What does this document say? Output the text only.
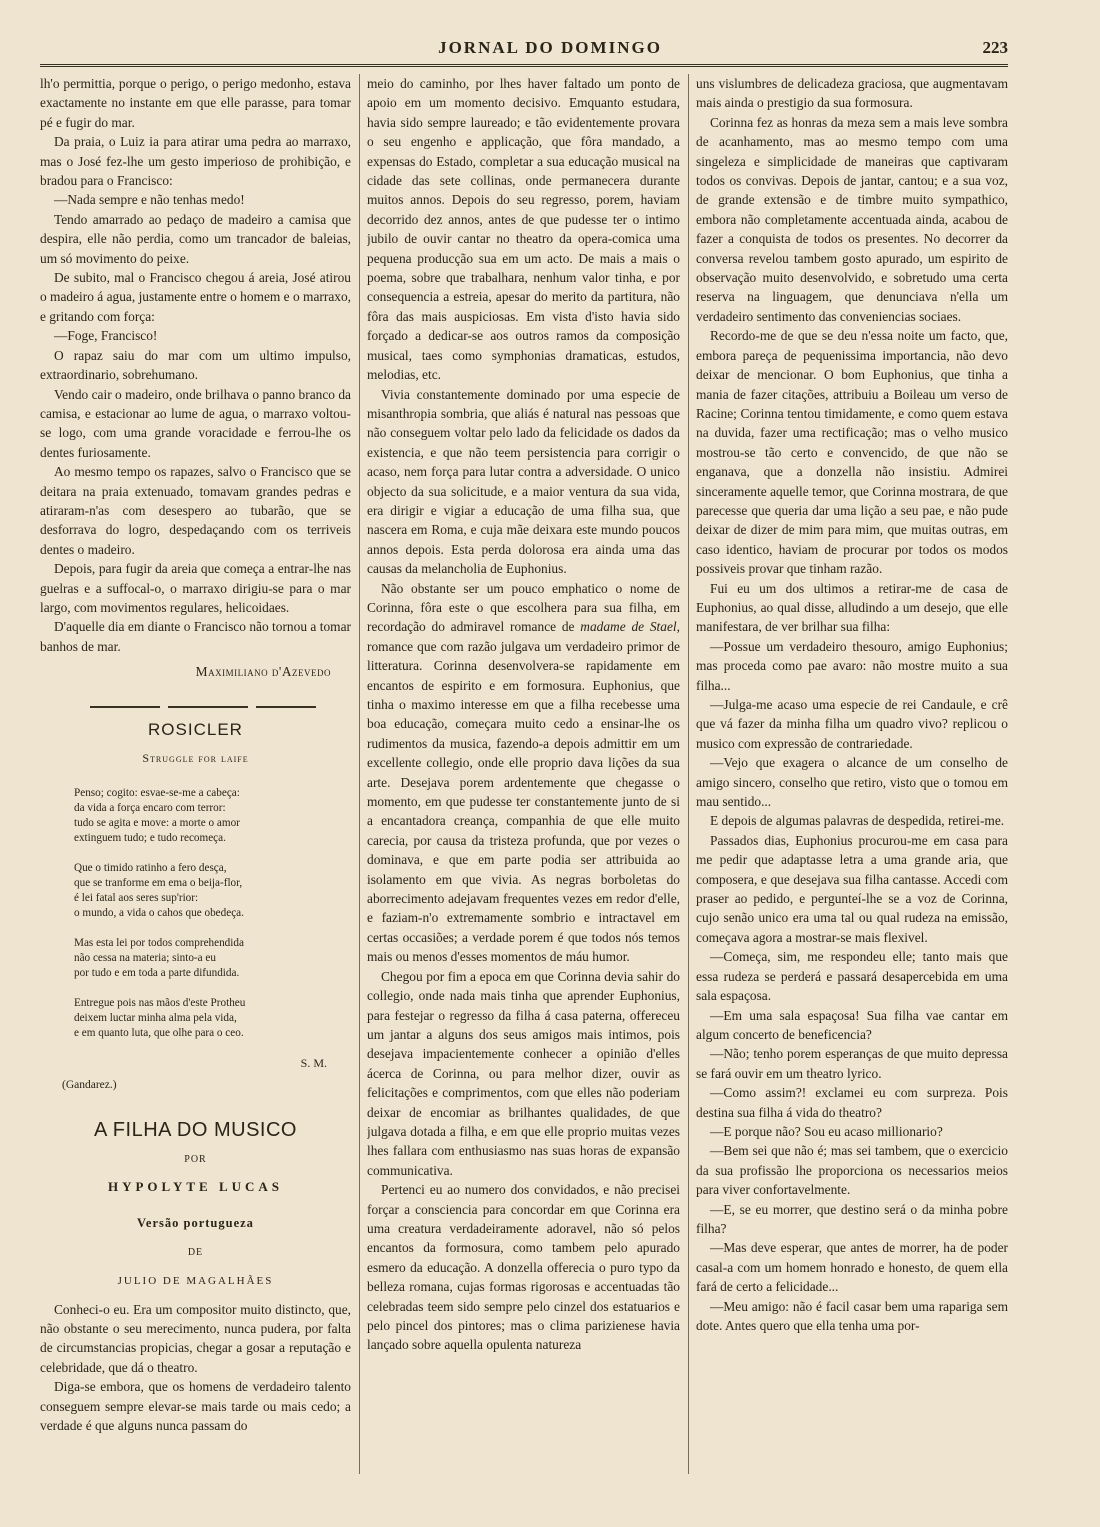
JORNAL DO DOMINGO	223

lh'o permittia, porque o perigo, o perigo medonho, estava exactamente no instante em que elle parasse, para tomar pé e fugir do mar.

Da praia, o Luiz ia para atirar uma pedra ao marraxo, mas o José fez-lhe um gesto imperioso de prohibição, e bradou para o Francisco:

—Nada sempre e não tenhas medo!

Tendo amarrado ao pedaço de madeiro a camisa que despira, elle não perdia, como um trancador de baleias, um só movimento do peixe.

De subito, mal o Francisco chegou á areia, José atirou o madeiro á agua, justamente entre o homem e o marraxo, e gritando com força:

—Foge, Francisco!

O rapaz saiu do mar com um ultimo impulso, extraordinario, sobrehumano.

Vendo cair o madeiro, onde brilhava o panno branco da camisa, e estacionar ao lume de agua, o marraxo voltou-se logo, com uma grande voracidade e ferrou-lhe os dentes furiosamente.

Ao mesmo tempo os rapazes, salvo o Francisco que se deitara na praia extenuado, tomavam grandes pedras e atiraram-n'as com desespero ao tubarão, que se desforrava do logro, despedaçando com os terriveis dentes o madeiro.

Depois, para fugir da areia que começa a entrar-lhe nas guelras e a suffocal-o, o marraxo dirigiu-se para o mar largo, com movimentos regulares, helicoidaes.

D'aquelle dia em diante o Francisco não tornou a tomar banhos de mar.

Maximiliano d'Azevedo
ROSICLER
Struggle for laife
Penso; cogito: esvae-se-me a cabeça:
da vida a força encaro com terror:
tudo se agita e move: a morte o amor
extinguem tudo; e tudo recomeça.
Que o timido ratinho a fero desça,
que se tranforme em ema o beija-flor,
é lei fatal aos seres sup'rior:
o mundo, a vida o cahos que obedeça.
Mas esta lei por todos comprehendida
não cessa na materia; sinto-a eu
por tudo e em toda a parte difundida.
Entregue pois nas mãos d'este Protheu
deixem luctar minha alma pela vida,
e em quanto luta, que olhe para o ceo.
S. M.
(Gandarez.)
A FILHA DO MUSICO
POR
HYPOLYTE LUCAS
Versão portugueza
DE
JULIO DE MAGALHÃES

Conheci-o eu. Era um compositor muito distincto, que, não obstante o seu merecimento, nunca pudera, por falta de circumstancias propicias, chegar a gosar a reputação e celebridade, que dá o theatro.

Diga-se embora, que os homens de verdadeiro talento conseguem sempre elevar-se mais tarde ou mais cedo; a verdade é que alguns nunca passam do

meio do caminho, por lhes haver faltado um ponto de apoio em um momento decisivo. Emquanto estudara, havia sido sempre laureado; e tão evidentemente provara o seu engenho e applicação, que fôra mandado, a expensas do Estado, completar a sua educação musical na cidade das sete collinas, onde permanecera durante muitos annos. Depois do seu regresso, porem, haviam decorrido dez annos, antes de que pudesse ter o intimo jubilo de ouvir cantar no theatro da opera-comica uma pequena producção sua em um acto. De mais a mais o poema, sobre que trabalhara, nenhum valor tinha, e por consequencia a estreia, apesar do merito da partitura, não fôra das mais auspiciosas. Em vista d'isto havia sido forçado a dedicar-se aos outros ramos da composição musical, taes como symphonias dramaticas, estudos, melodias, etc.

Vivia constantemente dominado por uma especie de misanthropia sombria, que aliás é natural nas pessoas que não conseguem voltar pelo lado da felicidade os dados da existencia, e que não teem persistencia para corrigir o acaso, nem força para lutar contra a adversidade. O unico objecto da sua solicitude, e a maior ventura da sua vida, era dirigir e vigiar a educação de uma filha sua, que nascera em Roma, e cuja mãe deixara este mundo poucos annos depois. Esta perda dolorosa era ainda uma das causas da melancholia de Euphonius.

Não obstante ser um pouco emphatico o nome de Corinna, fôra este o que escolhera para sua filha, em recordação do admiravel romance de madame de Stael, romance que com razão julgava um verdadeiro primor de litteratura. Corinna desenvolvera-se rapidamente em encantos de espirito e em formosura. Euphonius, que tinha o maximo interesse em que a filha recebesse uma boa educação, começara muito cedo a ensinar-lhe os rudimentos da musica, fazendo-a depois admittir em um excellente collegio, onde elle proprio dava lições da sua arte. Desejava porem ardentemente que chegasse o momento, em que pudesse ter constantemente junto de si a encantadora creança, companhia de que elle muito carecia, por causa da tristeza profunda, que por vezes o dominava, e que em parte podia ser attribuida ao isolamento em que vivia. As negras borboletas do aborrecimento adejavam frequentes vezes em redor d'elle, e faziam-n'o extremamente sombrio e intractavel em certas occasiões; a verdade porem é que todos nós temos mais ou menos d'esses momentos de máu humor.

Chegou por fim a epoca em que Corinna devia sahir do collegio, onde nada mais tinha que aprender Euphonius, para festejar o regresso da filha á casa paterna, offereceu um jantar a alguns dos seus amigos mais intimos, pois desejava impacientemente conhecer a opinião d'elles ácerca de Corinna, ou para melhor dizer, ouvir as felicitações e comprimentos, com que elles não poderiam deixar de encomiar as brilhantes qualidades, de que julgava dotada a filha, e em que elle proprio muitas vezes lhes fallara com enthusiasmo nas suas horas de expansão communicativa.

Pertenci eu ao numero dos convidados, e não precisei forçar a consciencia para concordar em que Corinna era uma creatura verdadeiramente adoravel, não só pelos encantos da formosura, como tambem pelo apurado esmero da educação. A donzella offerecia o puro typo da belleza romana, cujas formas rigorosas e accentuadas tão celebradas teem sido sempre pelo cinzel dos estatuarios e pelo pincel dos pintores; mas o clima parizienese havia lançado sobre aquella opulenta natureza

uns vislumbres de delicadeza graciosa, que augmentavam mais ainda o prestigio da sua formosura.

Corinna fez as honras da meza sem a mais leve sombra de acanhamento, mas ao mesmo tempo com uma singeleza e simplicidade de maneiras que captivaram todos os convivas. Depois de jantar, cantou; e a sua voz, de grande extensão e de timbre muito sympathico, embora não completamente accentuada ainda, acabou de fazer a conquista de todos os presentes. No decorrer da conversa revelou tambem gosto apurado, um espirito de observação muito desenvolvido, e sobretudo uma certa reserva na linguagem, que denunciava n'ella um verdadeiro sentimento das conveniencias sociaes.

Recordo-me de que se deu n'essa noite um facto, que, embora pareça de pequenissima importancia, não devo deixar de mencionar. O bom Euphonius, que tinha a mania de fazer citações, attribuiu a Boileau um verso de Racine; Corinna tentou timidamente, e como quem estava na duvida, fazer uma rectificação; mas o velho musico mostrou-se tão certo e convencido, de que não se enganava, que a donzella não insistiu. Admirei sinceramente aquelle temor, que Corinna mostrara, de que parecesse que queria dar uma lição a seu pae, e não pude deixar de dizer de mim para mim, que muitas outras, em caso identico, haviam de procurar por todos os modos possiveis provar que tinham razão.

Fui eu um dos ultimos a retirar-me de casa de Euphonius, ao qual disse, alludindo a um desejo, que elle manifestara, de ver brilhar sua filha:

—Possue um verdadeiro thesouro, amigo Euphonius; mas proceda como pae avaro: não mostre muito a sua filha...

—Julga-me acaso uma especie de rei Candaule, e crê que vá fazer da minha filha um quadro vivo? replicou o musico com expressão de contrariedade.

—Vejo que exagera o alcance de um conselho de amigo sincero, conselho que retiro, visto que o tomou em mau sentido...

E depois de algumas palavras de despedida, retirei-me.

Passados dias, Euphonius procurou-me em casa para me pedir que adaptasse letra a uma grande aria, que composera, e que desejava sua filha cantasse. Accedi com praser ao pedido, e pergunteí-lhe se a voz de Corinna, cujo senão unico era uma tal ou qual rudeza na emissão, começava agora a mostrar-se mais flexivel.

—Começa, sim, me respondeu elle; tanto mais que essa rudeza se perderá e passará desapercebida em uma sala espaçosa.

—Em uma sala espaçosa! Sua filha vae cantar em algum concerto de beneficencia?

—Não; tenho porem esperanças de que muito depressa se fará ouvir em um theatro lyrico.

—Como assim?! exclamei eu com surpreza. Pois destina sua filha á vida do theatro?

—E porque não? Sou eu acaso millionario?

—Bem sei que não é; mas sei tambem, que o exercicio da sua profissão lhe proporciona os necessarios meios para viver confortavelmente.

—E, se eu morrer, que destino será o da minha pobre filha?

—Mas deve esperar, que antes de morrer, ha de poder casal-a com um homem honrado e honesto, de quem ella fará de certo a felicidade...

—Meu amigo: não é facil casar bem uma rapariga sem dote. Antes quero que ella tenha uma por-
